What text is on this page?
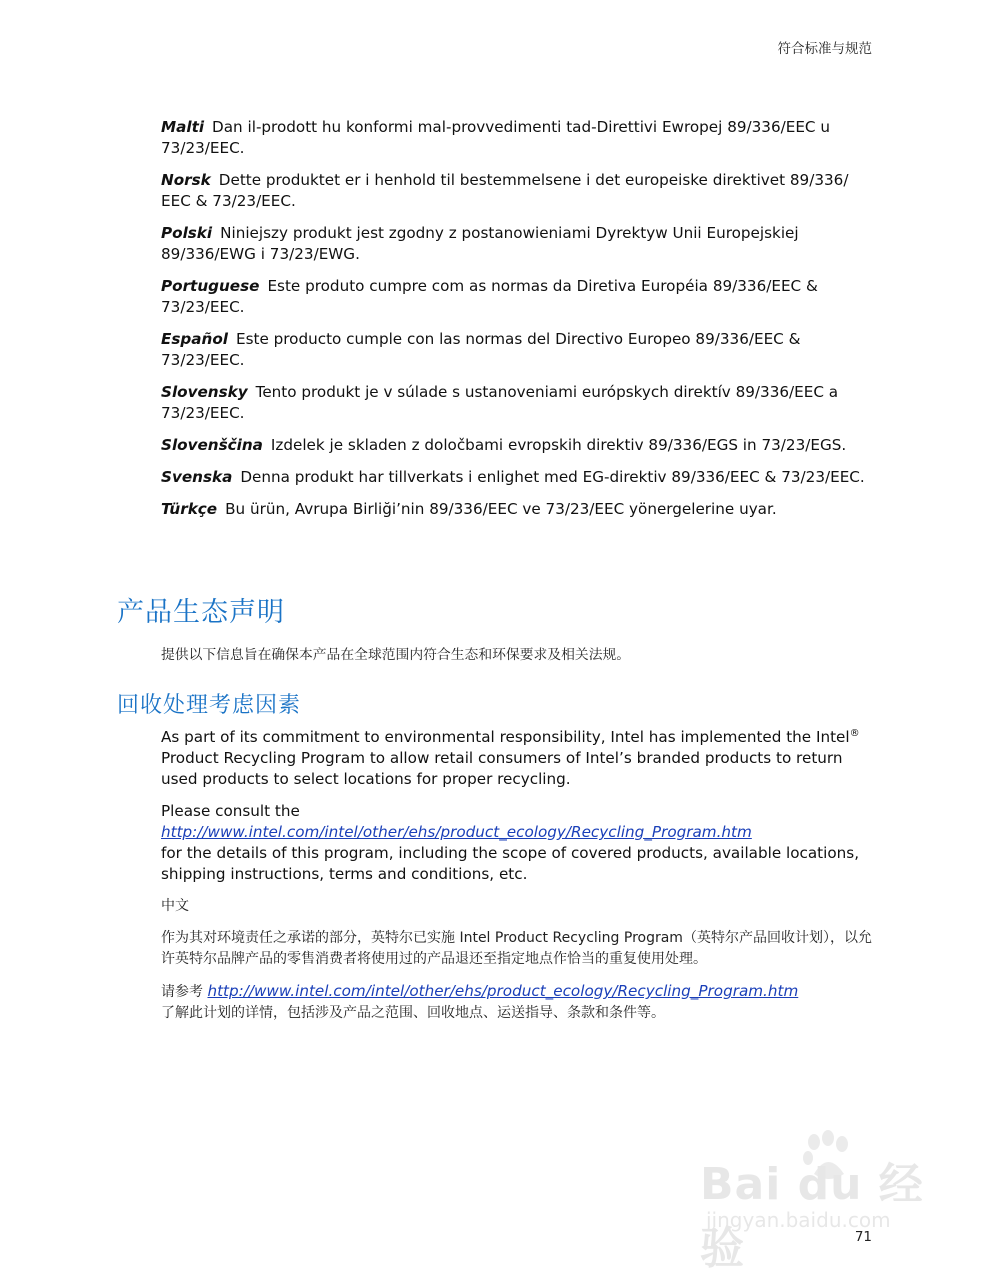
符合标准与规范

Malti Dan il-prodott hu konformi mal-provvedimenti tad-Direttivi Ewropej 89/336/EEC u 73/23/EEC.

Norsk Dette produktet er i henhold til bestemmelsene i det europeiske direktivet 89/336/ EEC & 73/23/EEC.

Polski Niniejszy produkt jest zgodny z postanowieniami Dyrektyw Unii Europejskiej 89/336/EWG i 73/23/EWG.

Portuguese Este produto cumpre com as normas da Diretiva Européia 89/336/EEC & 73/23/EEC.

Español Este producto cumple con las normas del Directivo Europeo 89/336/EEC & 73/23/EEC.

Slovensky Tento produkt je v súlade s ustanoveniami európskych direktív 89/336/EEC a 73/23/EEC.

Slovenščina Izdelek je skladen z določbami evropskih direktiv 89/336/EGS in 73/23/EGS.

Svenska Denna produkt har tillverkats i enlighet med EG-direktiv 89/336/EEC & 73/23/EEC.

Türkçe Bu ürün, Avrupa Birliği’nin 89/336/EEC ve 73/23/EEC yönergelerine uyar.

产品生态声明
提供以下信息旨在确保本产品在全球范围内符合生态和环保要求及相关法规。
回收处理考虑因素

As part of its commitment to environmental responsibility, Intel has implemented the Intel® Product Recycling Program to allow retail consumers of Intel’s branded products to return used products to select locations for proper recycling.

Please consult the
http://www.intel.com/intel/other/ehs/product_ecology/Recycling_Program.htm
for the details of this program, including the scope of covered products, available locations, shipping instructions, terms and conditions, etc.

中文

作为其对环境责任之承诺的部分，英特尔已实施 Intel Product Recycling Program（英特尔产品回收计划），以允许英特尔品牌产品的零售消费者将使用过的产品退还至指定地点作恰当的重复使用处理。

请参考 http://www.intel.com/intel/other/ehs/product_ecology/Recycling_Program.htm
了解此计划的详情，包括涉及产品之范围、回收地点、运送指导、条款和条件等。

Bai du 经验
jingyan.baidu.com
71
